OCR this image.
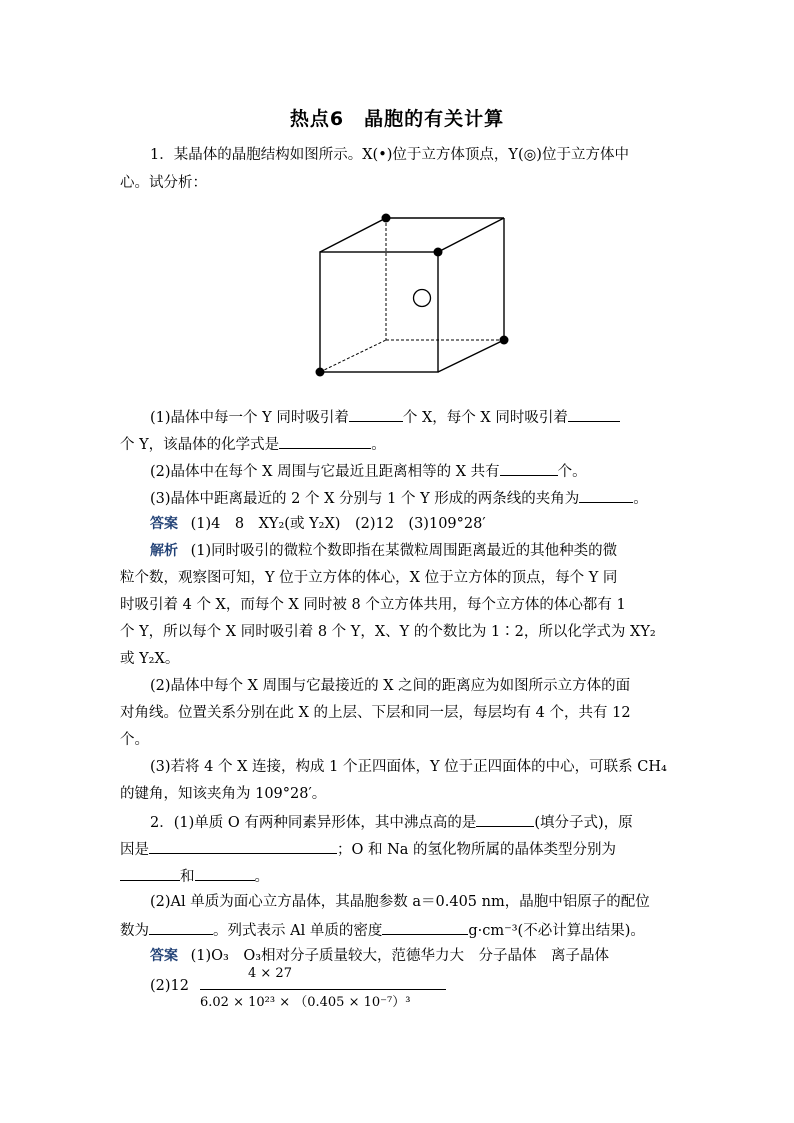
热点6　晶胞的有关计算
1．某晶体的晶胞结构如图所示。X(•)位于立方体顶点，Y(◎)位于立方体中
心。试分析：
(1)晶体中每一个 Y 同时吸引着	个 X，每个 X 同时吸引着
个 Y，该晶体的化学式是	。
(2)晶体中在每个 X 周围与它最近且距离相等的 X 共有	个。
(3)晶体中距离最近的 2 个 X 分别与 1 个 Y 形成的两条线的夹角为	。
答案 (1)4　8　XY₂(或 Y₂X)　(2)12　(3)109°28′
解析 (1)同时吸引的微粒个数即指在某微粒周围距离最近的其他种类的微
粒个数，观察图可知，Y 位于立方体的体心，X 位于立方体的顶点，每个 Y 同
时吸引着 4 个 X，而每个 X 同时被 8 个立方体共用，每个立方体的体心都有 1
个 Y，所以每个 X 同时吸引着 8 个 Y，X、Y 的个数比为 1∶2，所以化学式为 XY₂
或 Y₂X。
(2)晶体中每个 X 周围与它最接近的 X 之间的距离应为如图所示立方体的面
对角线。位置关系分别在此 X 的上层、下层和同一层，每层均有 4 个，共有 12
个。
(3)若将 4 个 X 连接，构成 1 个正四面体，Y 位于正四面体的中心，可联系 CH₄
的键角，知该夹角为 109°28′。
2．(1)单质 O 有两种同素异形体，其中沸点高的是	(填分子式)，原
因是	；O 和 Na 的氢化物所属的晶体类型分别为
和	。
(2)Al 单质为面心立方晶体，其晶胞参数 a＝0.405 nm，晶胞中铝原子的配位
数为	。列式表示 Al 单质的密度	g·cm⁻³(不必计算出结果)。
答案 (1)O₃　O₃相对分子质量较大，范德华力大　分子晶体　离子晶体
(2)12
4 × 27
6.02 × 10²³ × （0.405 × 10⁻⁷）³
